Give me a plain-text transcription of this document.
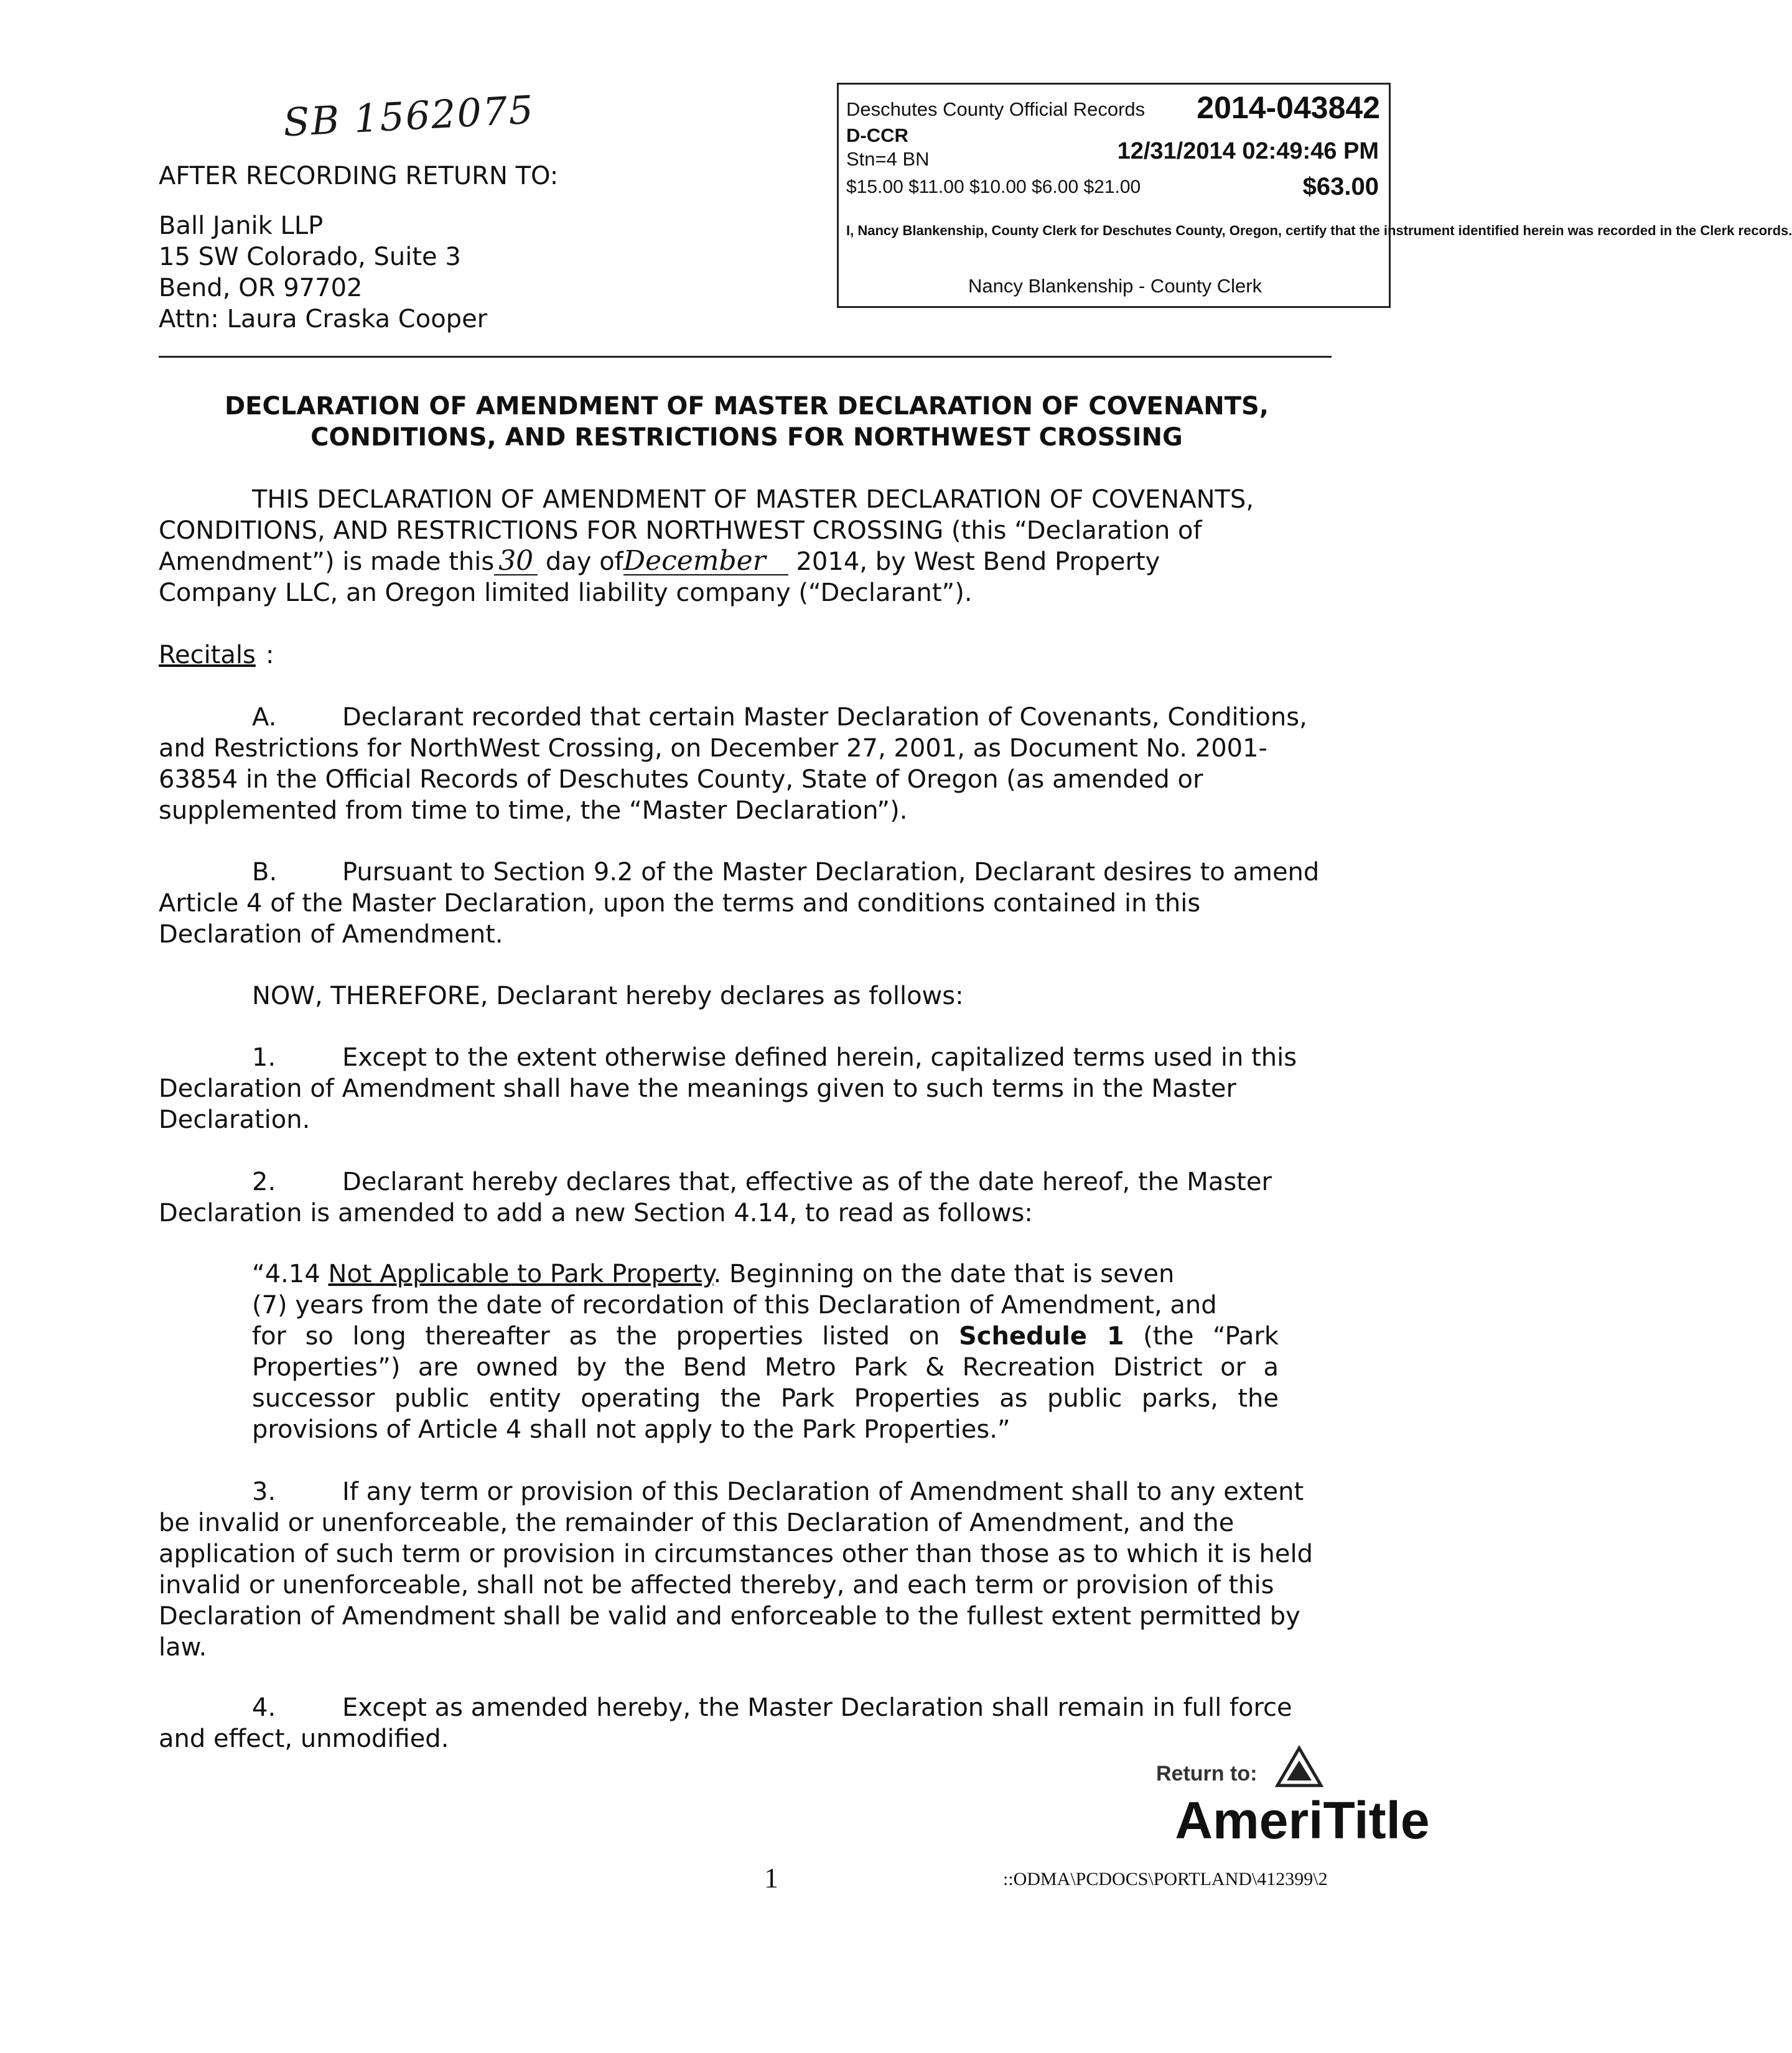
SB 1562075
AFTER RECORDING RETURN TO:
Ball Janik LLP
15 SW Colorado, Suite 3
Bend, OR 97702
Attn: Laura Craska Cooper
Deschutes County Official Records 2014-043842
D-CCR
Stn=4 BN	12/31/2014 02:49:46 PM
$15.00 $11.00 $10.00 $6.00 $21.00	$63.00
I, Nancy Blankenship, County Clerk for Deschutes County, Oregon, certify that the instrument identified herein was recorded in the Clerk records.
Nancy Blankenship - County Clerk
DECLARATION OF AMENDMENT OF MASTER DECLARATION OF COVENANTS,
CONDITIONS, AND RESTRICTIONS FOR NORTHWEST CROSSING
THIS DECLARATION OF AMENDMENT OF MASTER DECLARATION OF COVENANTS,
CONDITIONS, AND RESTRICTIONS FOR NORTHWEST CROSSING (this “Declaration of
Amendment”) is made this 30 day ofDecember 2014, by West Bend Property
Company LLC, an Oregon limited liability company (“Declarant”).
Recitals :
A.	Declarant recorded that certain Master Declaration of Covenants, Conditions,
and Restrictions for NorthWest Crossing, on December 27, 2001, as Document No. 2001-
63854 in the Official Records of Deschutes County, State of Oregon (as amended or
supplemented from time to time, the “Master Declaration”).
B.	Pursuant to Section 9.2 of the Master Declaration, Declarant desires to amend
Article 4 of the Master Declaration, upon the terms and conditions contained in this
Declaration of Amendment.
NOW, THEREFORE, Declarant hereby declares as follows:
1.	Except to the extent otherwise defined herein, capitalized terms used in this
Declaration of Amendment shall have the meanings given to such terms in the Master
Declaration.
2.	Declarant hereby declares that, effective as of the date hereof, the Master
Declaration is amended to add a new Section 4.14, to read as follows:
“4.14 Not Applicable to Park Property. Beginning on the date that is seven
(7) years from the date of recordation of this Declaration of Amendment, and
for so long thereafter as the properties listed on Schedule 1 (the “Park
Properties”) are owned by the Bend Metro Park & Recreation District or a
successor public entity operating the Park Properties as public parks, the
provisions of Article 4 shall not apply to the Park Properties.”
3.	If any term or provision of this Declaration of Amendment shall to any extent
be invalid or unenforceable, the remainder of this Declaration of Amendment, and the
application of such term or provision in circumstances other than those as to which it is held
invalid or unenforceable, shall not be affected thereby, and each term or provision of this
Declaration of Amendment shall be valid and enforceable to the fullest extent permitted by
law.
4.	Except as amended hereby, the Master Declaration shall remain in full force
and effect, unmodified.
Return to:
AmeriTitle
1	::ODMA\PCDOCS\PORTLAND\412399\2
